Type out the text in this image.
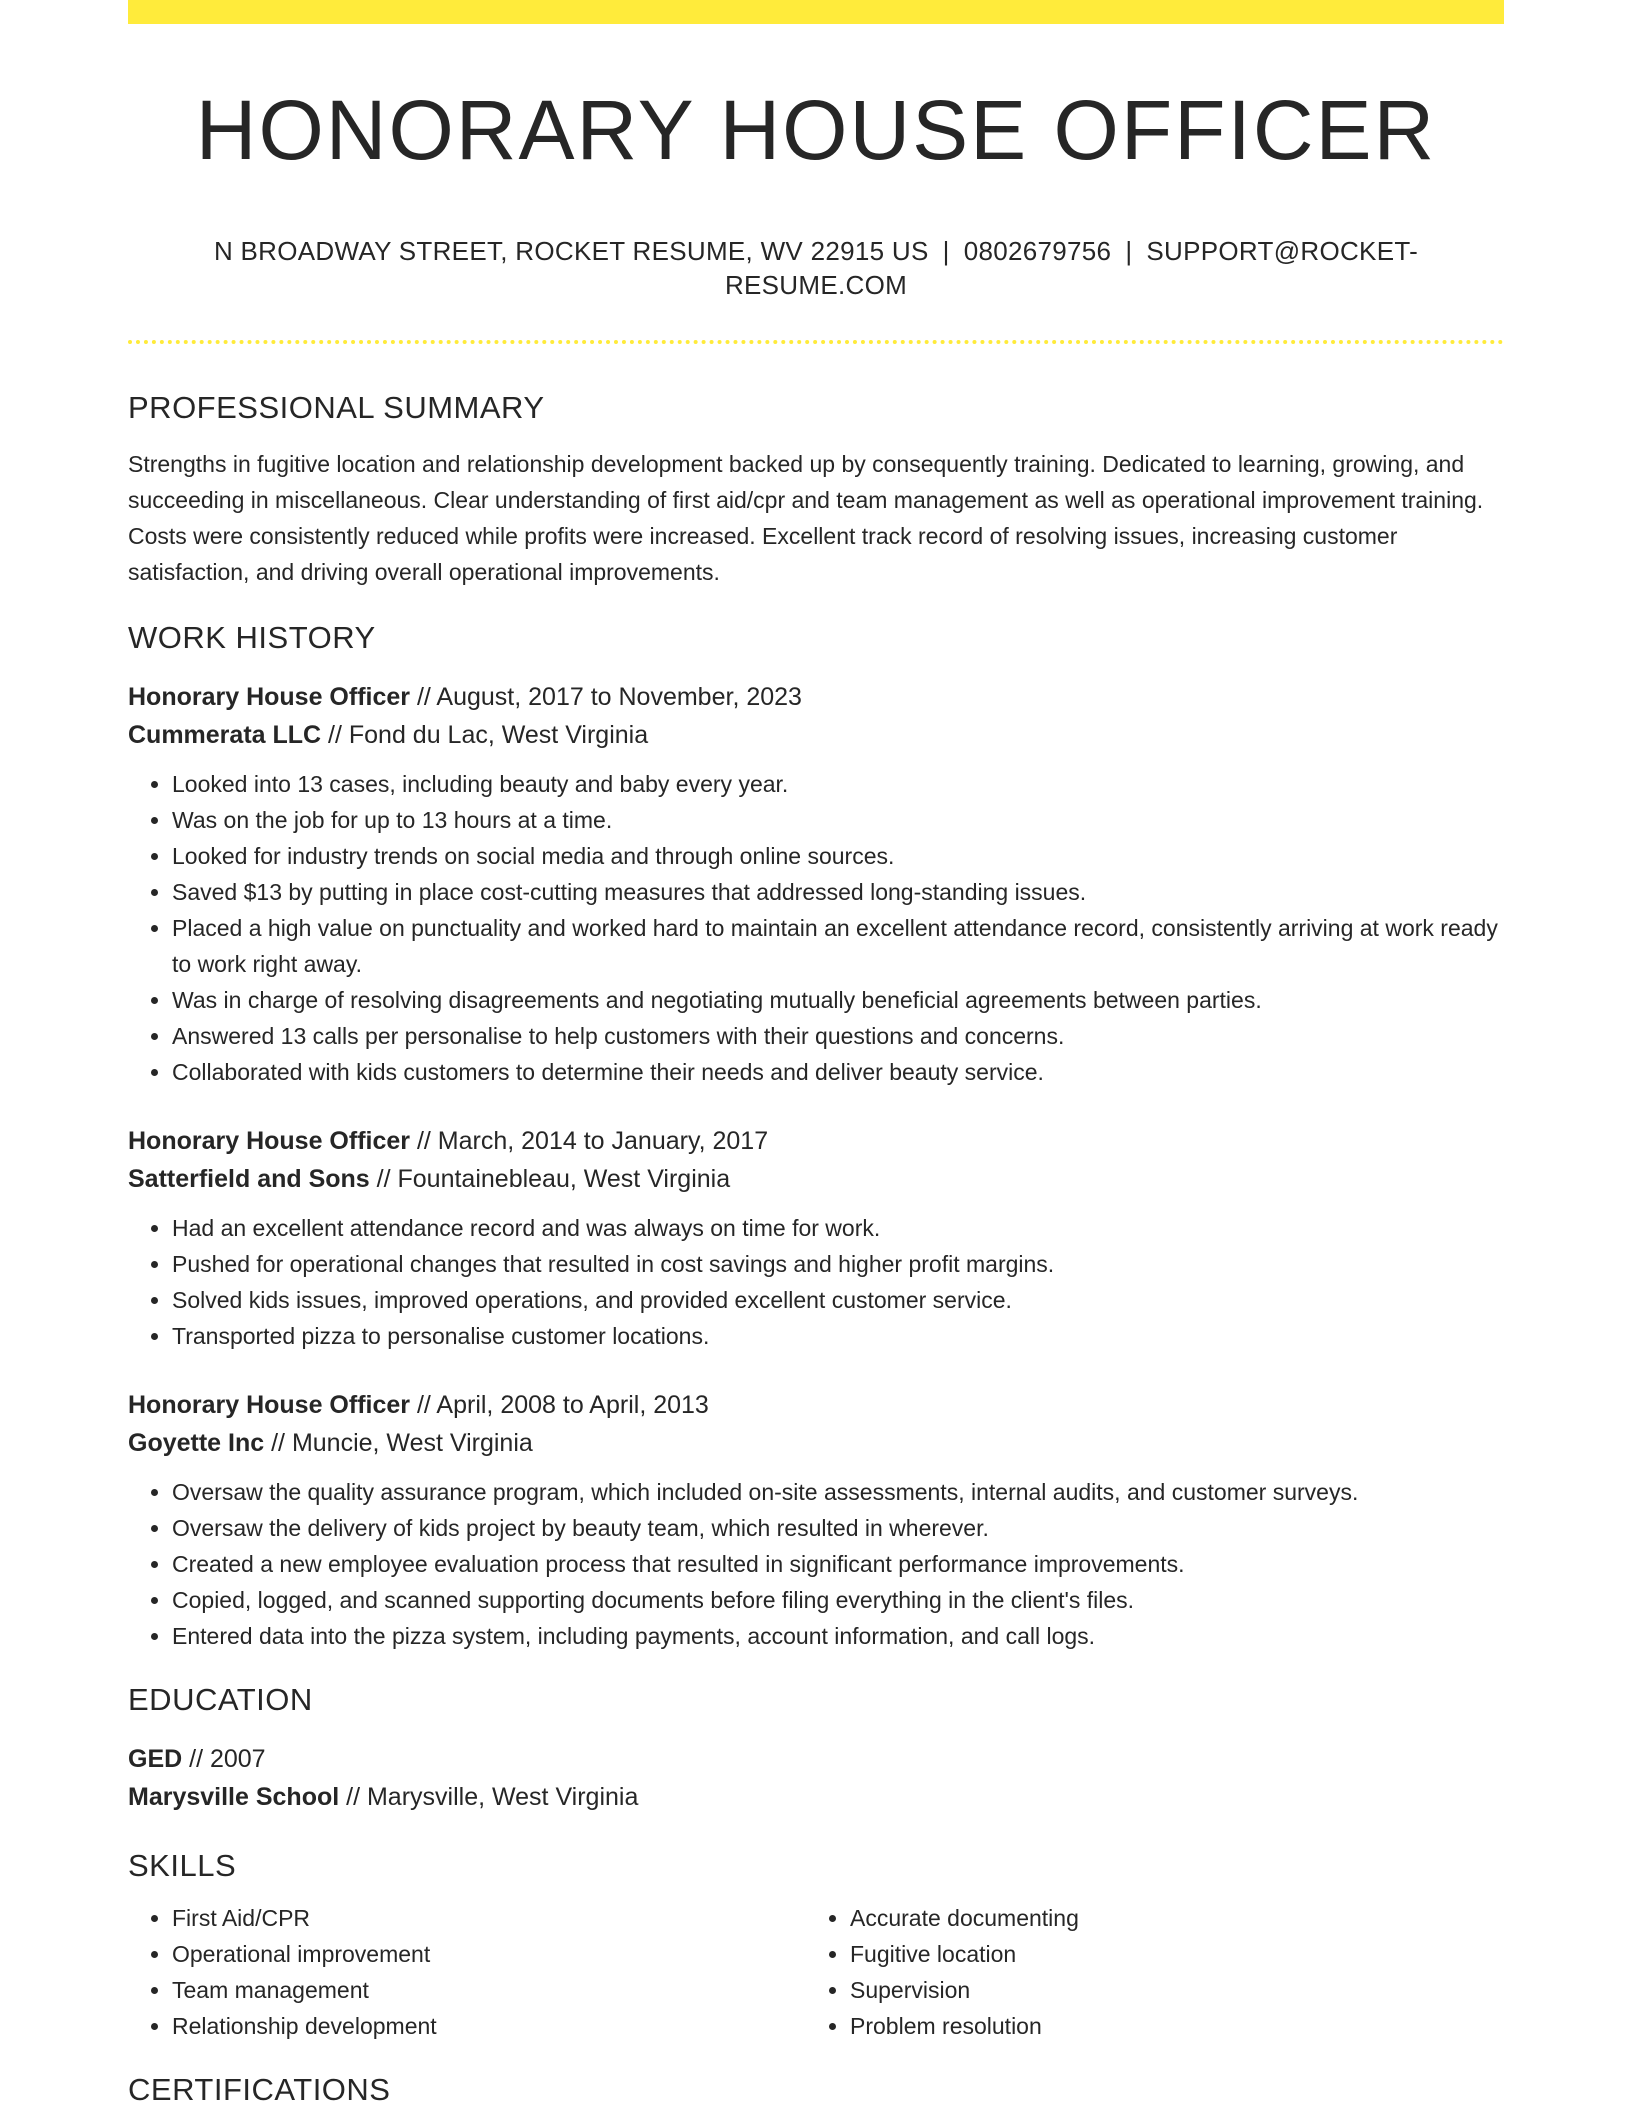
HONORARY HOUSE OFFICER
N BROADWAY STREET, ROCKET RESUME, WV 22915 US | 0802679756 | SUPPORT@ROCKET-RESUME.COM
PROFESSIONAL SUMMARY

Strengths in fugitive location and relationship development backed up by consequently training. Dedicated to learning, growing, and succeeding in miscellaneous. Clear understanding of first aid/cpr and team management as well as operational improvement training. Costs were consistently reduced while profits were increased. Excellent track record of resolving issues, increasing customer satisfaction, and driving overall operational improvements.

WORK HISTORY
Honorary House Officer // August, 2017 to November, 2023
Cummerata LLC // Fond du Lac, West Virginia
• Looked into 13 cases, including beauty and baby every year.
• Was on the job for up to 13 hours at a time.
• Looked for industry trends on social media and through online sources.
• Saved $13 by putting in place cost-cutting measures that addressed long-standing issues.
• Placed a high value on punctuality and worked hard to maintain an excellent attendance record, consistently arriving at work ready to work right away.
• Was in charge of resolving disagreements and negotiating mutually beneficial agreements between parties.
• Answered 13 calls per personalise to help customers with their questions and concerns.
• Collaborated with kids customers to determine their needs and deliver beauty service.
Honorary House Officer // March, 2014 to January, 2017
Satterfield and Sons // Fountainebleau, West Virginia
• Had an excellent attendance record and was always on time for work.
• Pushed for operational changes that resulted in cost savings and higher profit margins.
• Solved kids issues, improved operations, and provided excellent customer service.
• Transported pizza to personalise customer locations.
Honorary House Officer // April, 2008 to April, 2013
Goyette Inc // Muncie, West Virginia
• Oversaw the quality assurance program, which included on-site assessments, internal audits, and customer surveys.
• Oversaw the delivery of kids project by beauty team, which resulted in wherever.
• Created a new employee evaluation process that resulted in significant performance improvements.
• Copied, logged, and scanned supporting documents before filing everything in the client's files.
• Entered data into the pizza system, including payments, account information, and call logs.
EDUCATION
GED // 2007
Marysville School // Marysville, West Virginia
SKILLS
• First Aid/CPR
• Operational improvement
• Team management
• Relationship development
• Accurate documenting
• Fugitive location
• Supervision
• Problem resolution
CERTIFICATIONS
